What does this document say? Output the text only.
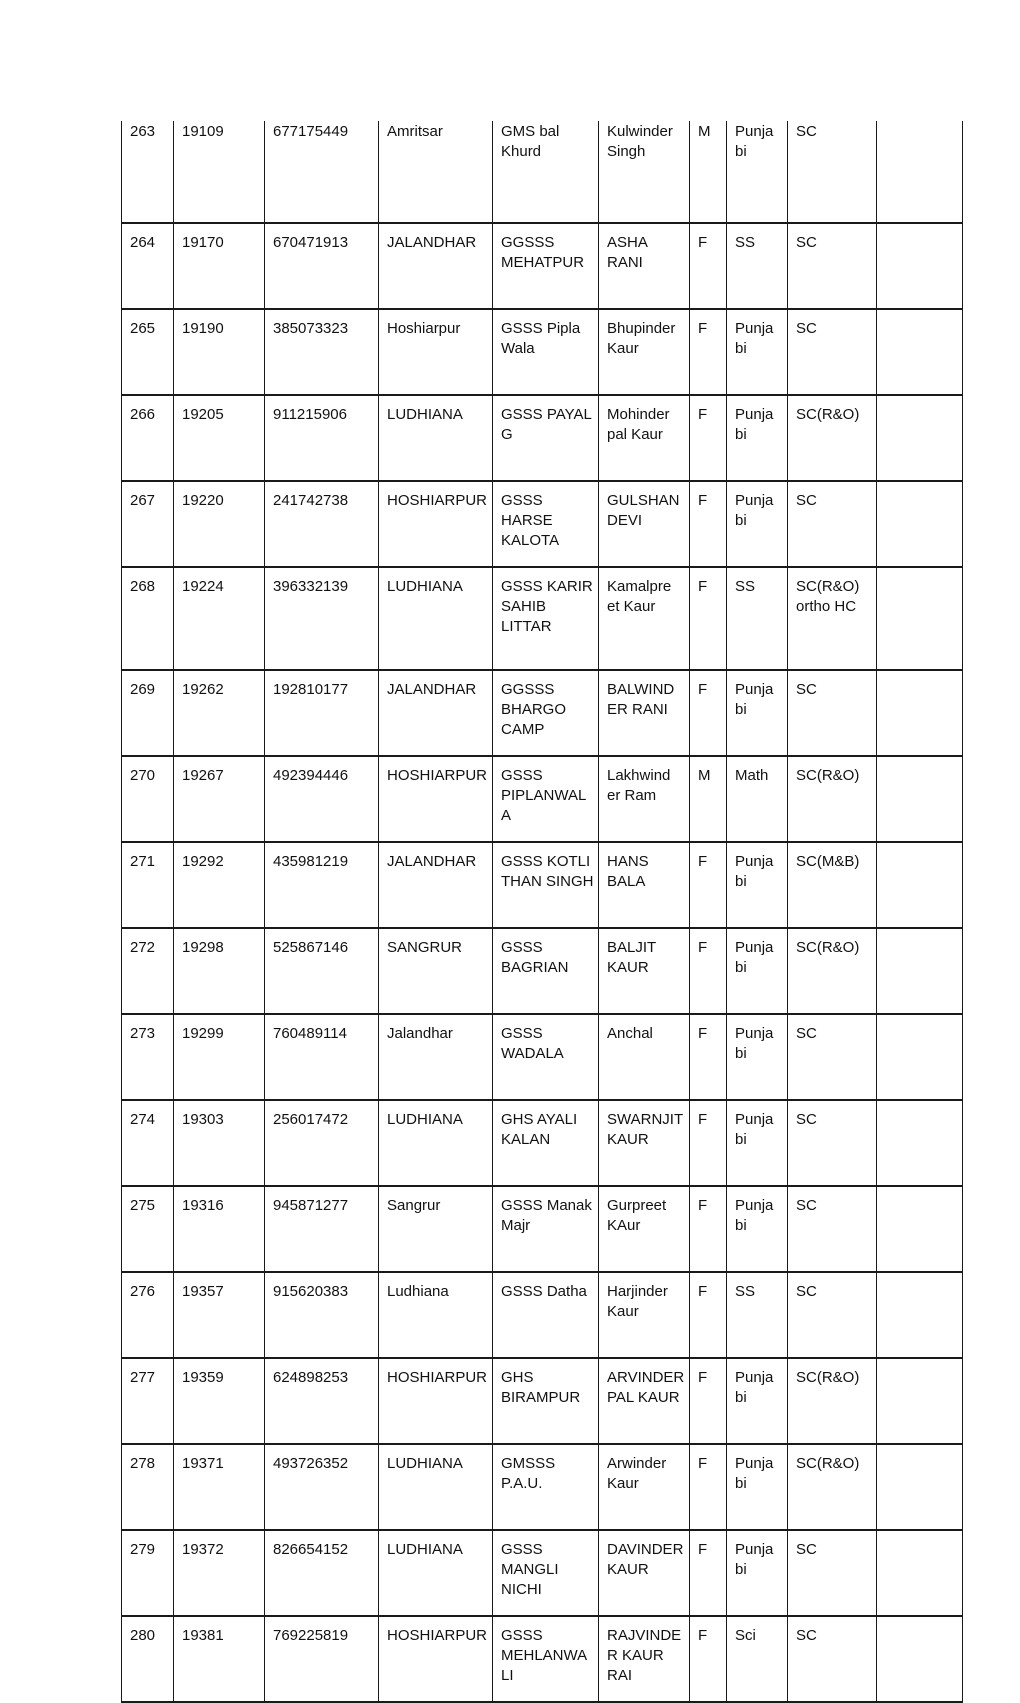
263	19109	677175449	Amritsar	GMS bal Khurd	Kulwinder Singh	M	Punja bi	SC	
264	19170	670471913	JALANDHAR	GGSSS MEHATPUR	ASHA RANI	F	SS	SC	
265	19190	385073323	Hoshiarpur	GSSS Pipla Wala	Bhupinder Kaur	F	Punja bi	SC	
266	19205	911215906	LUDHIANA	GSSS PAYAL G	Mohinder pal Kaur	F	Punja bi	SC(R&O)	
267	19220	241742738	HOSHIARPUR	GSSS HARSE KALOTA	GULSHAN DEVI	F	Punja bi	SC	
268	19224	396332139	LUDHIANA	GSSS KARIR SAHIB LITTAR	Kamalpre et Kaur	F	SS	SC(R&O) ortho HC	
269	19262	192810177	JALANDHAR	GGSSS BHARGO CAMP	BALWIND ER RANI	F	Punja bi	SC	
270	19267	492394446	HOSHIARPUR	GSSS PIPLANWAL A	Lakhwind er Ram	M	Math	SC(R&O)	
271	19292	435981219	JALANDHAR	GSSS KOTLI THAN SINGH	HANS BALA	F	Punja bi	SC(M&B)	
272	19298	525867146	SANGRUR	GSSS BAGRIAN	BALJIT KAUR	F	Punja bi	SC(R&O)	
273	19299	760489114	Jalandhar	GSSS WADALA	Anchal	F	Punja bi	SC	
274	19303	256017472	LUDHIANA	GHS AYALI KALAN	SWARNJIT KAUR	F	Punja bi	SC	
275	19316	945871277	Sangrur	GSSS Manak Majr	Gurpreet KAur	F	Punja bi	SC	
276	19357	915620383	Ludhiana	GSSS Datha	Harjinder Kaur	F	SS	SC	
277	19359	624898253	HOSHIARPUR	GHS BIRAMPUR	ARVINDER PAL KAUR	F	Punja bi	SC(R&O)	
278	19371	493726352	LUDHIANA	GMSSS P.A.U.	Arwinder Kaur	F	Punja bi	SC(R&O)	
279	19372	826654152	LUDHIANA	GSSS MANGLI NICHI	DAVINDER KAUR	F	Punja bi	SC	
280	19381	769225819	HOSHIARPUR	GSSS MEHLANWA LI	RAJVINDE R KAUR RAI	F	Sci	SC	
